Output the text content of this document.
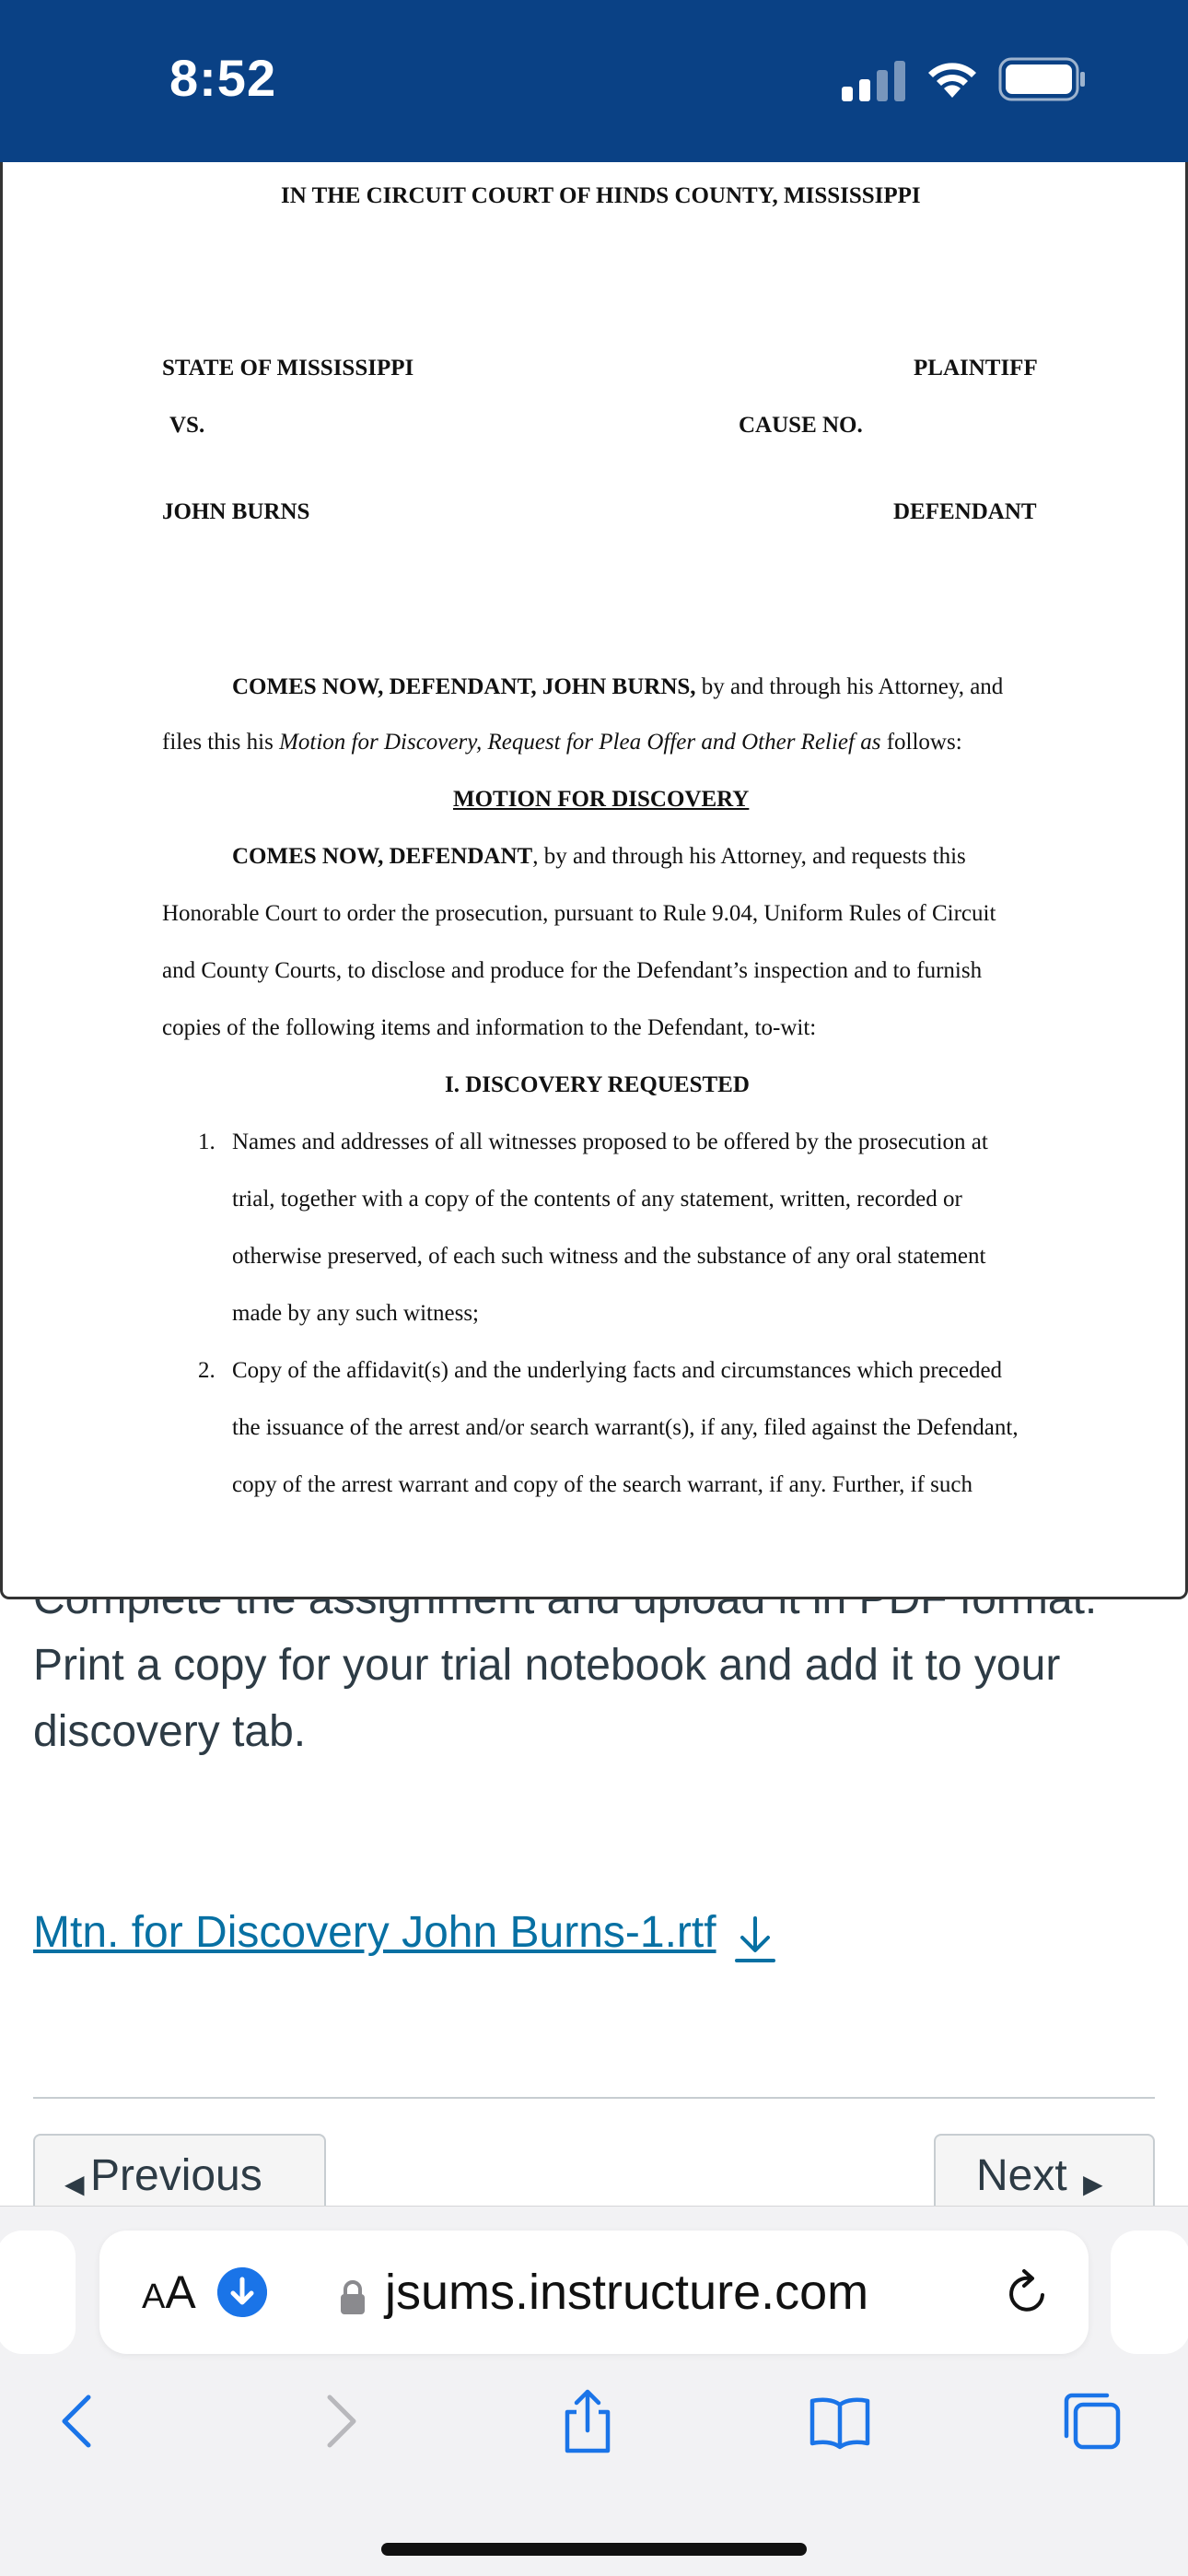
8:52
IN THE CIRCUIT COURT OF HINDS COUNTY, MISSISSIPPI
STATE OF MISSISSIPPI	PLAINTIFF
VS.	CAUSE NO.
JOHN BURNS	DEFENDANT
COMES NOW, DEFENDANT, JOHN BURNS, by and through his Attorney, and
files this his Motion for Discovery, Request for Plea Offer and Other Relief as follows:
MOTION FOR DISCOVERY
COMES NOW, DEFENDANT, by and through his Attorney, and requests this
Honorable Court to order the prosecution, pursuant to Rule 9.04, Uniform Rules of Circuit
and County Courts, to disclose and produce for the Defendant’s inspection and to furnish
copies of the following items and information to the Defendant, to-wit:
I. DISCOVERY REQUESTED
1. Names and addresses of all witnesses proposed to be offered by the prosecution at
trial, together with a copy of the contents of any statement, written, recorded or
otherwise preserved, of each such witness and the substance of any oral statement
made by any such witness;
2. Copy of the affidavit(s) and the underlying facts and circumstances which preceded
the issuance of the arrest and/or search warrant(s), if any, filed against the Defendant,
copy of the arrest warrant and copy of the search warrant, if any. Further, if such
Print a copy for your trial notebook and add it to your discovery tab.
Mtn. for Discovery John Burns-1.rtf
◀ Previous	Next ▶
AA	jsums.instructure.com
